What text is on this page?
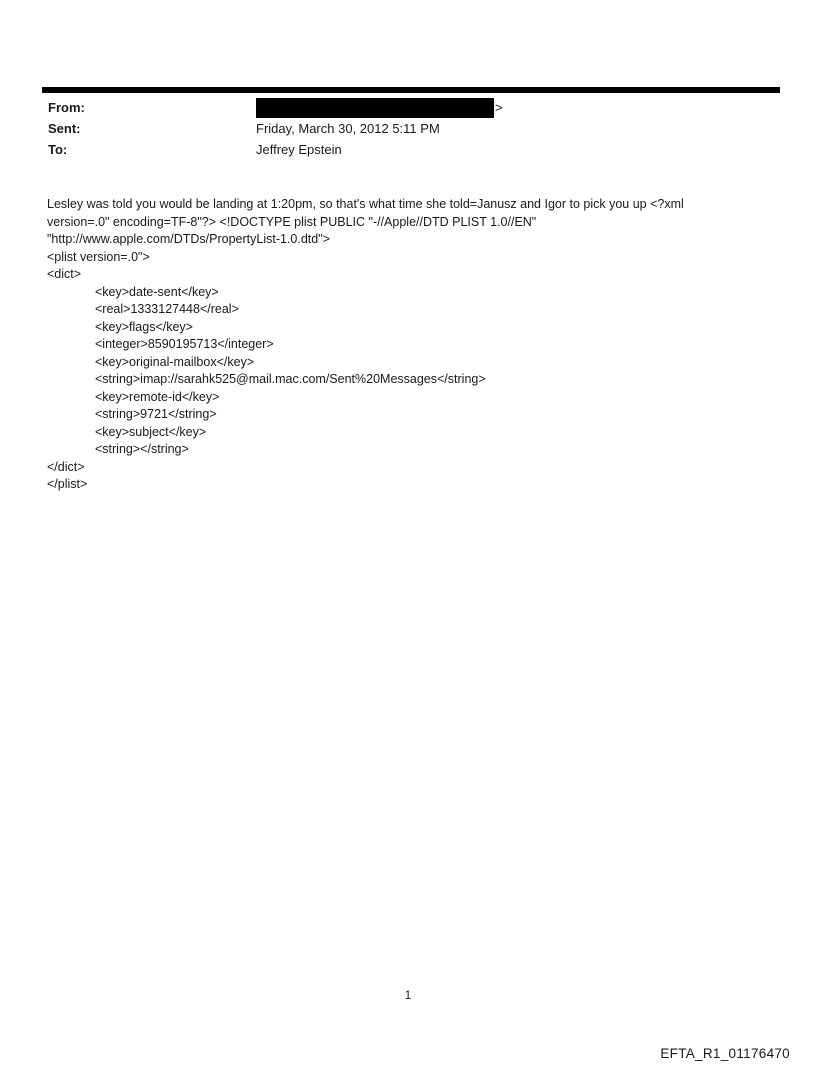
From:	>
Sent:	Friday, March 30, 2012 5:11 PM
To:	Jeffrey Epstein
Lesley was told you would be landing at 1:20pm, so that's what time she told=Janusz and Igor to pick you up <?xml
version=.0" encoding=TF-8"?> <!DOCTYPE plist PUBLIC "-//Apple//DTD PLIST 1.0//EN"
"http://www.apple.com/DTDs/PropertyList-1.0.dtd">
<plist version=.0">
<dict>
<key>date-sent</key>
<real>1333127448</real>
<key>flags</key>
<integer>8590195713</integer>
<key>original-mailbox</key>
<string>imap://sarahk525@mail.mac.com/Sent%20Messages</string>
<key>remote-id</key>
<string>9721</string>
<key>subject</key>
<string></string>
</dict>
</plist>
1
EFTA_R1_01176470
